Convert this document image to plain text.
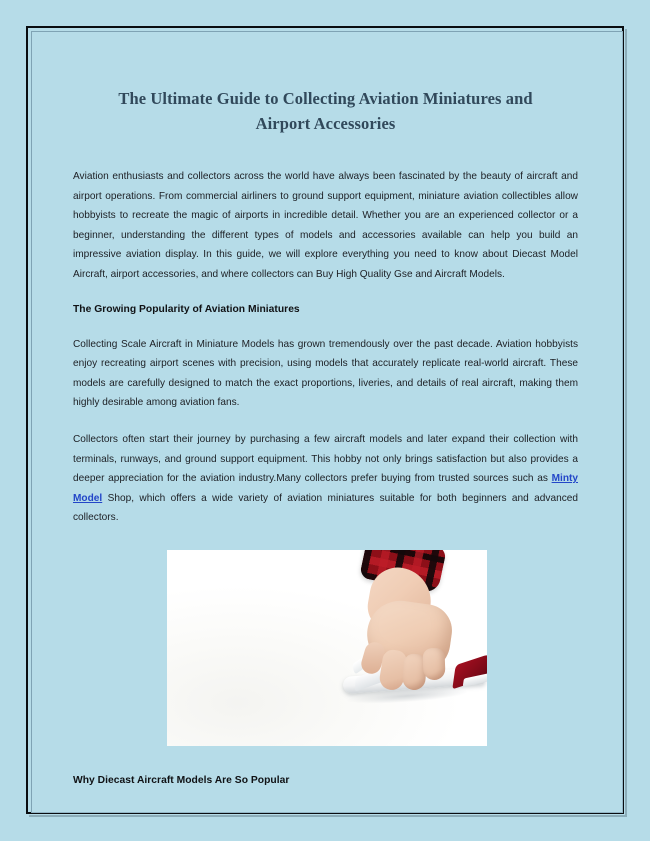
The Ultimate Guide to Collecting Aviation Miniatures and Airport Accessories

Aviation enthusiasts and collectors across the world have always been fascinated by the beauty of aircraft and airport operations. From commercial airliners to ground support equipment, miniature aviation collectibles allow hobbyists to recreate the magic of airports in incredible detail. Whether you are an experienced collector or a beginner, understanding the different types of models and accessories available can help you build an impressive aviation display. In this guide, we will explore everything you need to know about Diecast Model Aircraft, airport accessories, and where collectors can Buy High Quality Gse and Aircraft Models.

The Growing Popularity of Aviation Miniatures

Collecting Scale Aircraft in Miniature Models has grown tremendously over the past decade. Aviation hobbyists enjoy recreating airport scenes with precision, using models that accurately replicate real-world aircraft. These models are carefully designed to match the exact proportions, liveries, and details of real aircraft, making them highly desirable among aviation fans.

Collectors often start their journey by purchasing a few aircraft models and later expand their collection with terminals, runways, and ground support equipment. This hobby not only brings satisfaction but also provides a deeper appreciation for the aviation industry.Many collectors prefer buying from trusted sources such as Minty Model Shop, which offers a wide variety of aviation miniatures suitable for both beginners and advanced collectors.

Why Diecast Aircraft Models Are So Popular
